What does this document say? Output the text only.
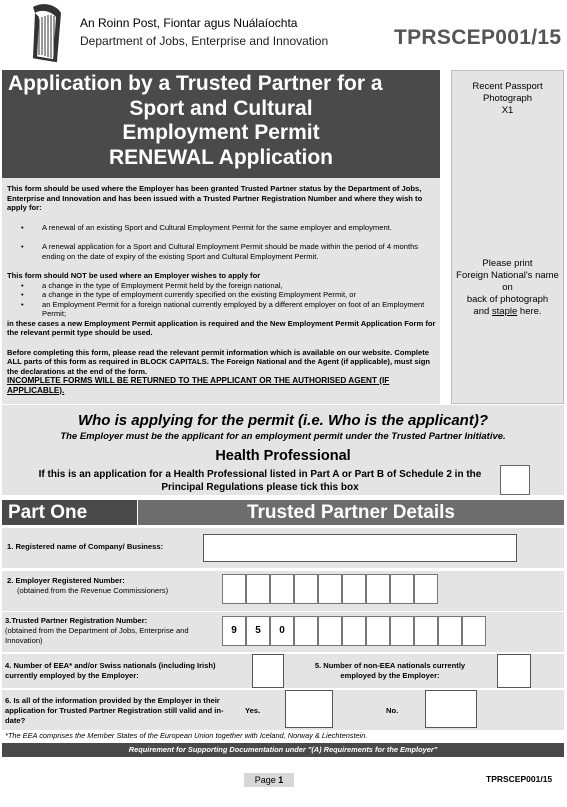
An Roinn Post, Fiontar agus Nuálaíochta
Department of Jobs, Enterprise and Innovation	TPRSCEP001/15
Application by a Trusted Partner for a
Sport and Cultural
Employment Permit
RENEWAL Application
Recent Passport
Photograph
X1
Please print
Foreign National's name
on
back of photograph
and staple here.

This form should be used where the Employer has been granted Trusted Partner status by the Department of Jobs, Enterprise and Innovation and has been issued with a Trusted Partner Registration Number and where they wish to apply for:

• A renewal of an existing Sport and Cultural Employment Permit for the same employer and employment.

• A renewal application for a Sport and Cultural Employment Permit should be made within the period of 4 months ending on the date of expiry of the existing Sport and Cultural Employment Permit.

This form should NOT be used where an Employer wishes to apply for

• a change in the type of Employment Permit held by the foreign national,

• a change in the type of employment currently specified on the existing Employment Permit, or

• an Employment Permit for a foreign national currently employed by a different employer on foot of an Employment Permit;

in these cases a new Employment Permit application is required and the New Employment Permit Application Form for the relevant permit type should be used.

Before completing this form, please read the relevant permit information which is available on our website. Complete ALL parts of this form as required in BLOCK CAPITALS. The Foreign National and the Agent (if applicable), must sign the declarations at the end of the form.

INCOMPLETE FORMS WILL BE RETURNED TO THE APPLICANT OR THE AUTHORISED AGENT (IF APPLICABLE).

Who is applying for the permit (i.e. Who is the applicant)?
The Employer must be the applicant for an employment permit under the Trusted Partner Initiative.
Health Professional
If this is an application for a Health Professional listed in Part A or Part B of Schedule 2 in the Principal Regulations please tick this box
Part One	Trusted Partner Details
1. Registered name of Company/ Business:
2. Employer Registered Number:
(obtained from the Revenue Commissioners)
3.Trusted Partner Registration Number:
(obtained from the Department of Jobs, Enterprise and Innovation)
9	5	0
4. Number of EEA* and/or Swiss nationals (including Irish) currently employed by the Employer:
5. Number of non-EEA nationals currently employed by the Employer:
6. Is all of the information provided by the Employer in their application for Trusted Partner Registration still valid and in-date?
Yes.	No.
*The EEA comprises the Member States of the European Union together with Iceland, Norway & Liechtenstein.
Requirement for Supporting Documentation under "(A) Requirements for the Employer"
Page 1	TPRSCEP001/15
